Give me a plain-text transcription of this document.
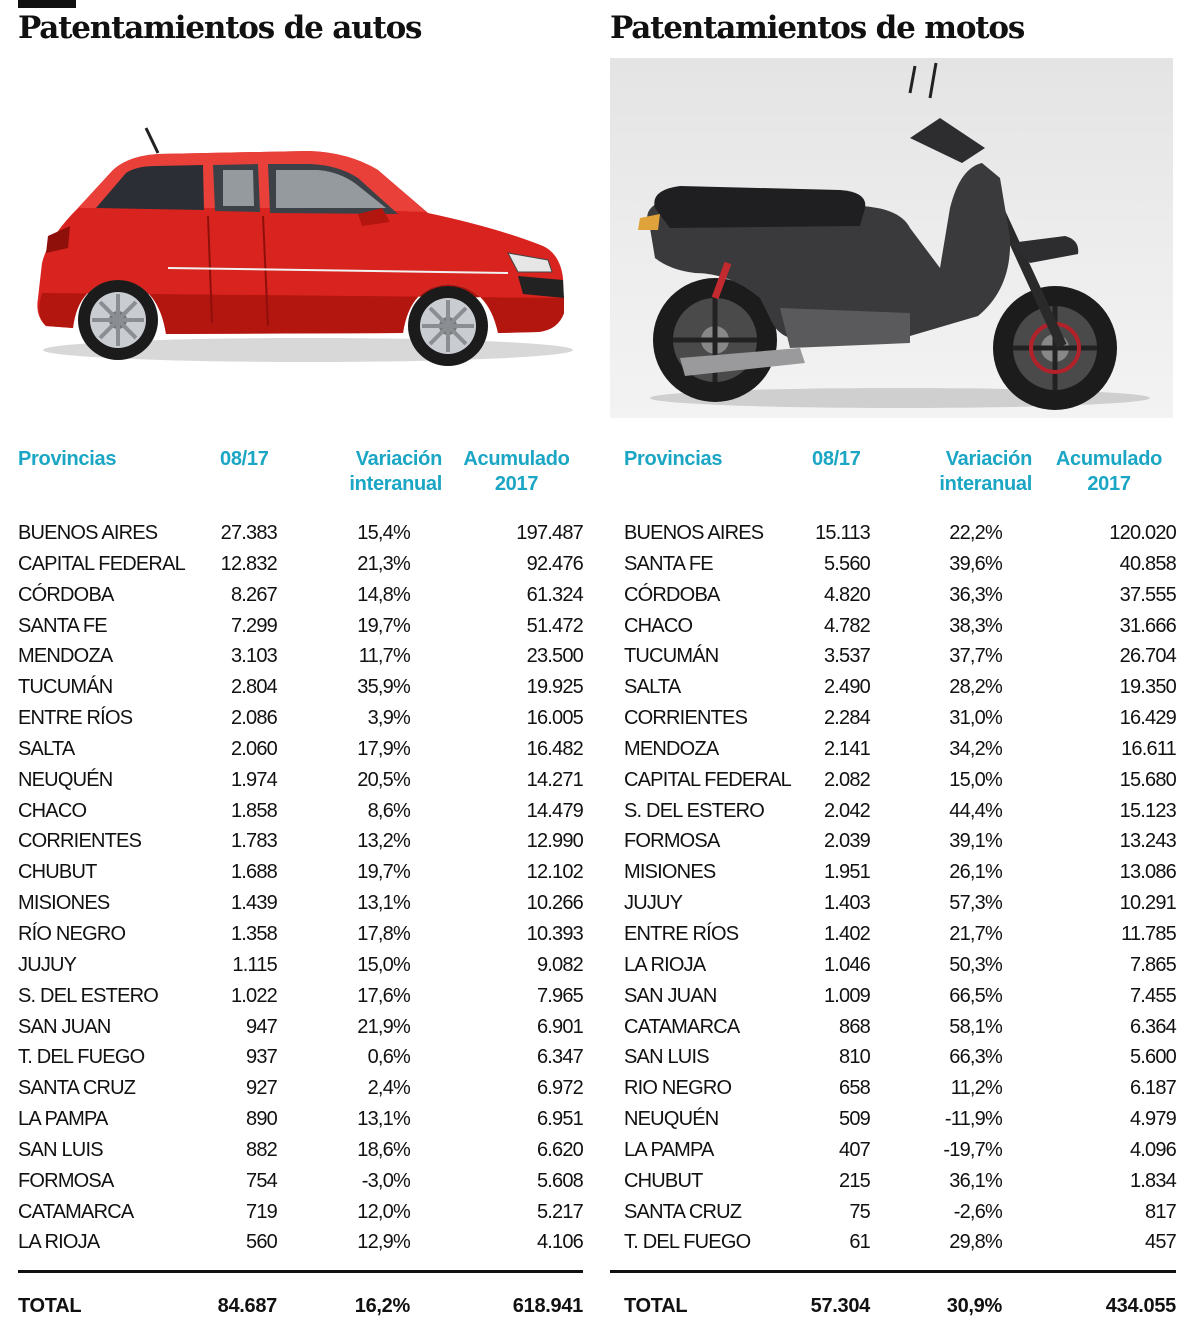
Patentamientos de autos
Provincias	08/17	Variación
interanual
Acumulado
2017
BUENOS AIRES	27.383	15,4%	197.487
CAPITAL FEDERAL 12.832	21,3%	92.476
CÓRDOBA	8.267	14,8%	61.324
SANTA FE	7.299	19,7%	51.472
MENDOZA	3.103	11,7%	23.500
TUCUMÁN	2.804	35,9%	19.925
ENTRE RÍOS	2.086	3,9%	16.005
SALTA	2.060	17,9%	16.482
NEUQUÉN	1.974	20,5%	14.271
CHACO	1.858	8,6%	14.479
CORRIENTES	1.783	13,2%	12.990
CHUBUT	1.688	19,7%	12.102
MISIONES	1.439	13,1%	10.266
RÍO NEGRO	1.358	17,8%	10.393
JUJUY	1.115	15,0%	9.082
S. DEL ESTERO	1.022	17,6%	7.965
SAN JUAN	947	21,9%	6.901
T. DEL FUEGO	937	0,6%	6.347
SANTA CRUZ	927	2,4%	6.972
LA PAMPA	890	13,1%	6.951
SAN LUIS	882	18,6%	6.620
FORMOSA	754	-3,0%	5.608
CATAMARCA	719	12,0%	5.217
LA RIOJA	560	12,9%	4.106
TOTAL	84.687	16,2%	618.941
Patentamientos de motos
Provincias	08/17	Variación
interanual
Acumulado
2017
BUENOS AIRES	15.113	22,2%	120.020
SANTA FE	5.560	39,6%	40.858
CÓRDOBA	4.820	36,3%	37.555
CHACO	4.782	38,3%	31.666
TUCUMÁN	3.537	37,7%	26.704
SALTA	2.490	28,2%	19.350
CORRIENTES	2.284	31,0%	16.429
MENDOZA	2.141	34,2%	16.611
CAPITAL FEDERAL 2.082	15,0%	15.680
S. DEL ESTERO	2.042	44,4%	15.123
FORMOSA	2.039	39,1%	13.243
MISIONES	1.951	26,1%	13.086
JUJUY	1.403	57,3%	10.291
ENTRE RÍOS	1.402	21,7%	11.785
LA RIOJA	1.046	50,3%	7.865
SAN JUAN	1.009	66,5%	7.455
CATAMARCA	868	58,1%	6.364
SAN LUIS	810	66,3%	5.600
RIO NEGRO	658	11,2%	6.187
NEUQUÉN	509	-11,9%	4.979
LA PAMPA	407	-19,7%	4.096
CHUBUT	215	36,1%	1.834
SANTA CRUZ	75	-2,6%	817
T. DEL FUEGO	61	29,8%	457
TOTAL	57.304	30,9%	434.055
